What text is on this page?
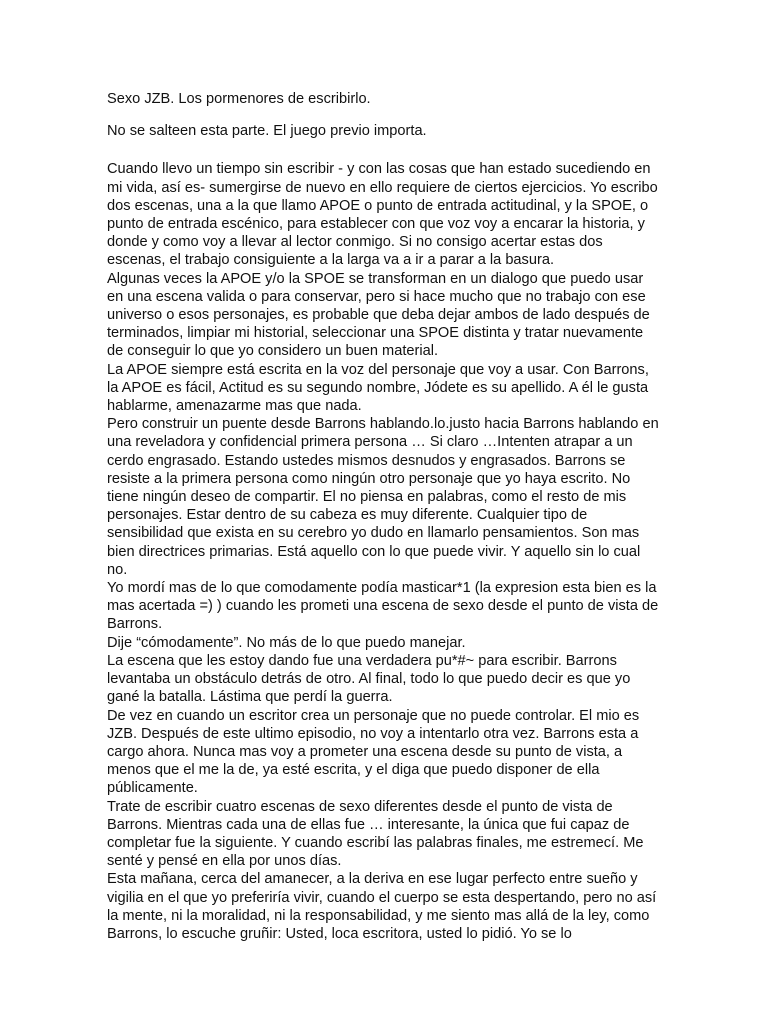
Sexo JZB. Los pormenores de escribirlo.

No se salteen esta parte. El juego previo importa.

Cuando llevo un tiempo sin escribir - y con las cosas que han estado sucediendo en mi vida, así es- sumergirse de nuevo en ello requiere de ciertos ejercicios. Yo escribo dos escenas, una a la que llamo APOE o punto de entrada actitudinal, y la SPOE, o punto de entrada escénico, para establecer con que voz voy a encarar la historia, y donde y como voy a llevar al lector conmigo. Si no consigo acertar estas dos escenas, el trabajo consiguiente a la larga va a ir a parar a la basura.

Algunas veces la APOE y/o la SPOE se transforman en un dialogo que puedo usar en una escena valida o para conservar, pero si hace mucho que no trabajo con ese universo o esos personajes, es probable que deba dejar ambos de lado después de terminados, limpiar mi historial, seleccionar una SPOE distinta y tratar nuevamente de conseguir lo que yo considero un buen material.

La APOE siempre está escrita en la voz del personaje que voy a usar. Con Barrons, la APOE es fácil, Actitud es su segundo nombre, Jódete es su apellido. A él le gusta hablarme, amenazarme mas que nada.

Pero construir un puente desde Barrons hablando.lo.justo hacia Barrons hablando en una reveladora y confidencial primera persona … Si claro …Intenten atrapar a un cerdo engrasado. Estando ustedes mismos desnudos y engrasados. Barrons se resiste a la primera persona como ningún otro personaje que yo haya escrito. No tiene ningún deseo de compartir. El no piensa en palabras, como el resto de mis personajes. Estar dentro de su cabeza es muy diferente. Cualquier tipo de sensibilidad que exista en su cerebro yo dudo en llamarlo pensamientos. Son mas bien directrices primarias. Está aquello con lo que puede vivir. Y aquello sin lo cual no.

Yo mordí mas de lo que comodamente podía masticar*1 (la expresion esta bien es la mas acertada =) ) cuando les prometi una escena de sexo desde el punto de vista de Barrons.

Dije “cómodamente”. No más de lo que puedo manejar.

La escena que les estoy dando fue una verdadera pu*#~ para escribir. Barrons levantaba un obstáculo detrás de otro. Al final, todo lo que puedo decir es que yo gané la batalla. Lástima que perdí la guerra.

De vez en cuando un escritor crea un personaje que no puede controlar. El mio es JZB. Después de este ultimo episodio, no voy a intentarlo otra vez. Barrons esta a cargo ahora. Nunca mas voy a prometer una escena desde su punto de vista, a menos que el me la de, ya esté escrita, y el diga que puedo disponer de ella públicamente.

Trate de escribir cuatro escenas de sexo diferentes desde el punto de vista de Barrons. Mientras cada una de ellas fue … interesante, la única que fui capaz de completar fue la siguiente. Y cuando escribí las palabras finales, me estremecí. Me senté y pensé en ella por unos días.

Esta mañana, cerca del amanecer, a la deriva en ese lugar perfecto entre sueño y vigilia en el que yo preferiría vivir, cuando el cuerpo se esta despertando, pero no así la mente, ni la moralidad, ni la responsabilidad, y me siento mas allá de la ley, como Barrons, lo escuche gruñir: Usted, loca escritora, usted lo pidió. Yo se lo
